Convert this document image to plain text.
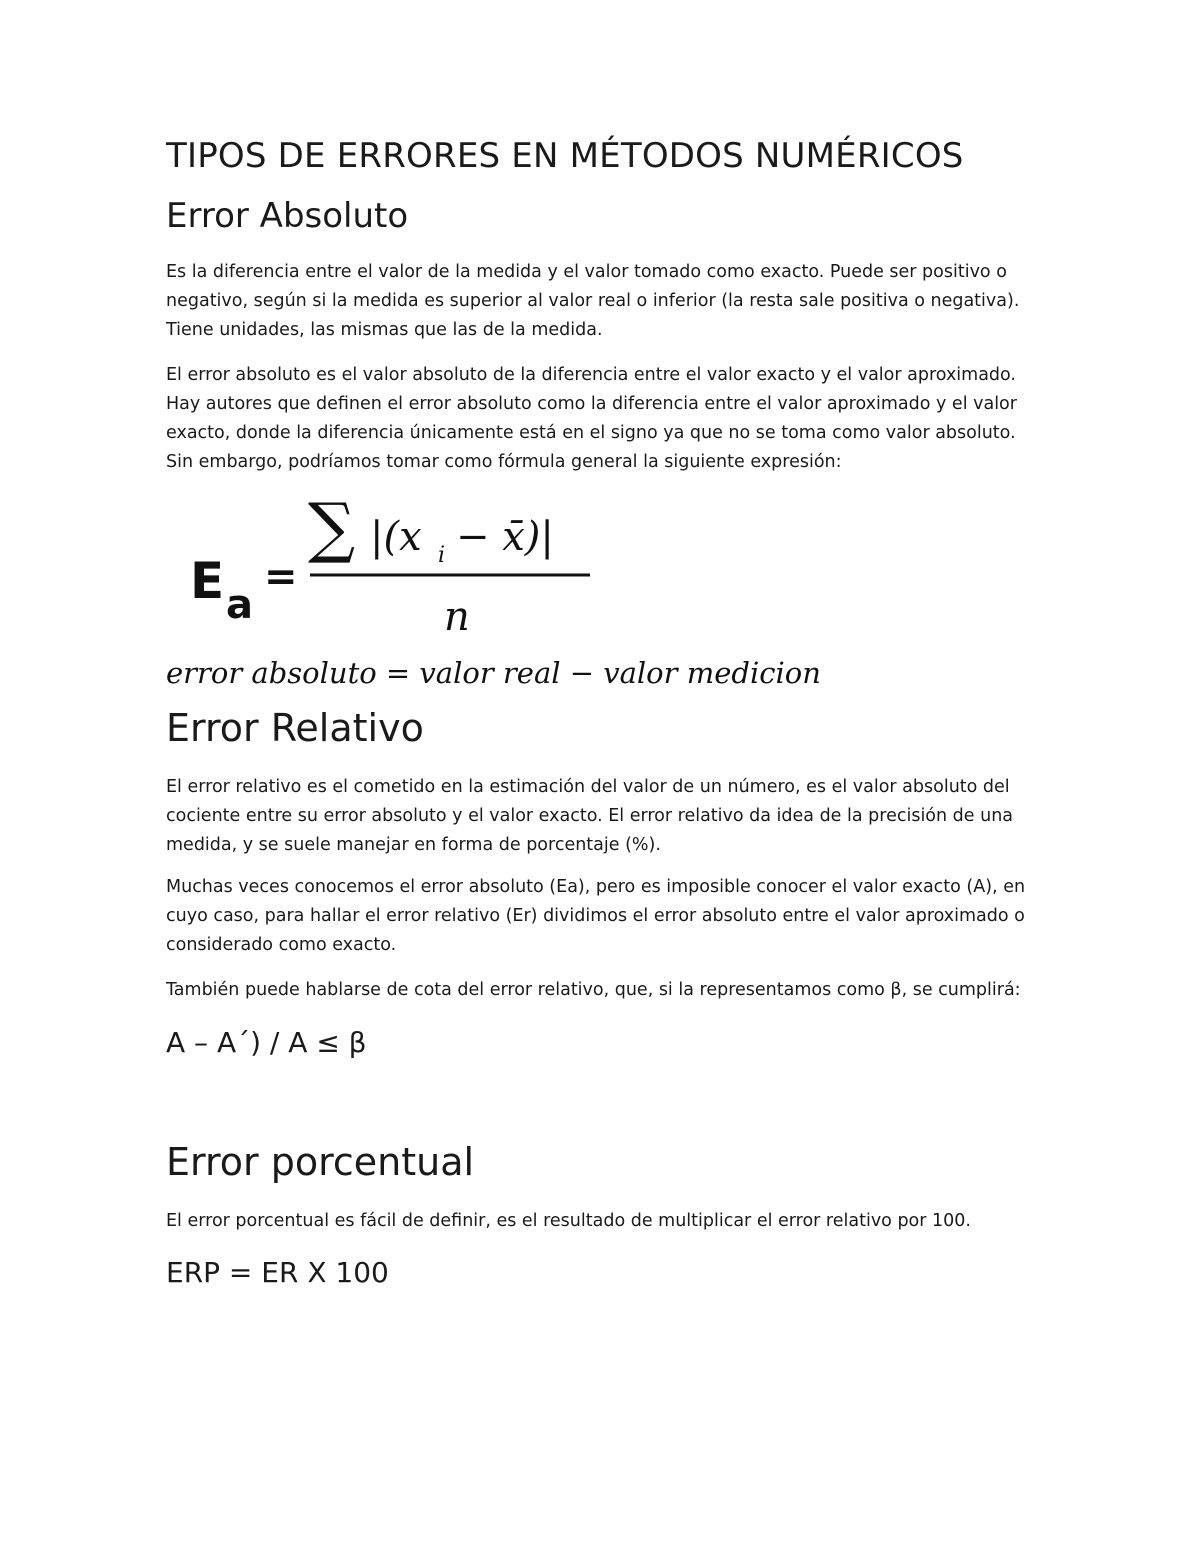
TIPOS DE ERRORES EN MÉTODOS NUMÉRICOS
Error Absoluto

Es la diferencia entre el valor de la medida y el valor tomado como exacto. Puede ser positivo o negativo, según si la medida es superior al valor real o inferior (la resta sale positiva o negativa). Tiene unidades, las mismas que las de la medida.

El error absoluto es el valor absoluto de la diferencia entre el valor exacto y el valor aproximado. Hay autores que definen el error absoluto como la diferencia entre el valor aproximado y el valor exacto, donde la diferencia únicamente está en el signo ya que no se toma como valor absoluto. Sin embargo, podríamos tomar como fórmula general la siguiente expresión:

E a
=
∑ |(x i − x̄)|
n
error absoluto = valor real − valor medicion
Error Relativo

El error relativo es el cometido en la estimación del valor de un número, es el valor absoluto del cociente entre su error absoluto y el valor exacto. El error relativo da idea de la precisión de una medida, y se suele manejar en forma de porcentaje (%).

Muchas veces conocemos el error absoluto (Ea), pero es imposible conocer el valor exacto (A), en cuyo caso, para hallar el error relativo (Er) dividimos el error absoluto entre el valor aproximado o considerado como exacto.

También puede hablarse de cota del error relativo, que, si la representamos como β, se cumplirá:

A – A´) / A ≤ β
Error porcentual

El error porcentual es fácil de definir, es el resultado de multiplicar el error relativo por 100.

ERP = ER X 100
